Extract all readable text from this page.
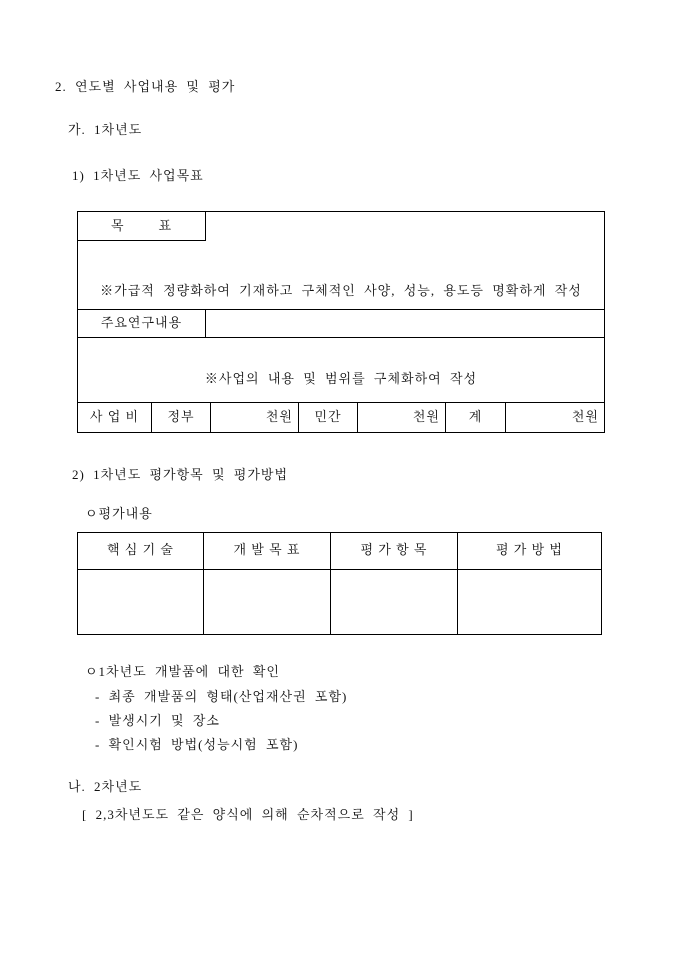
2. 연도별 사업내용 및 평가
가. 1차년도
1) 1차년도 사업목표
목        표
※가급적 정량화하여 기재하고 구체적인 사양, 성능, 용도등 명확하게 작성
주요연구내용
※사업의 내용 및 범위를 구체화하여 작성
사 업 비	정부	천원	민간	천원	계	천원
2) 1차년도 평가항목 및 평가방법
ㅇ평가내용
핵 심 기 술	개 발 목 표	평 가 항 목	평 가 방 법
ㅇ1차년도 개발품에 대한 확인
- 최종 개발품의 형태(산업재산권 포함)
- 발생시기 및 장소
- 확인시험 방법(성능시험 포함)
나. 2차년도
[ 2,3차년도도 같은 양식에 의해 순차적으로 작성 ]
